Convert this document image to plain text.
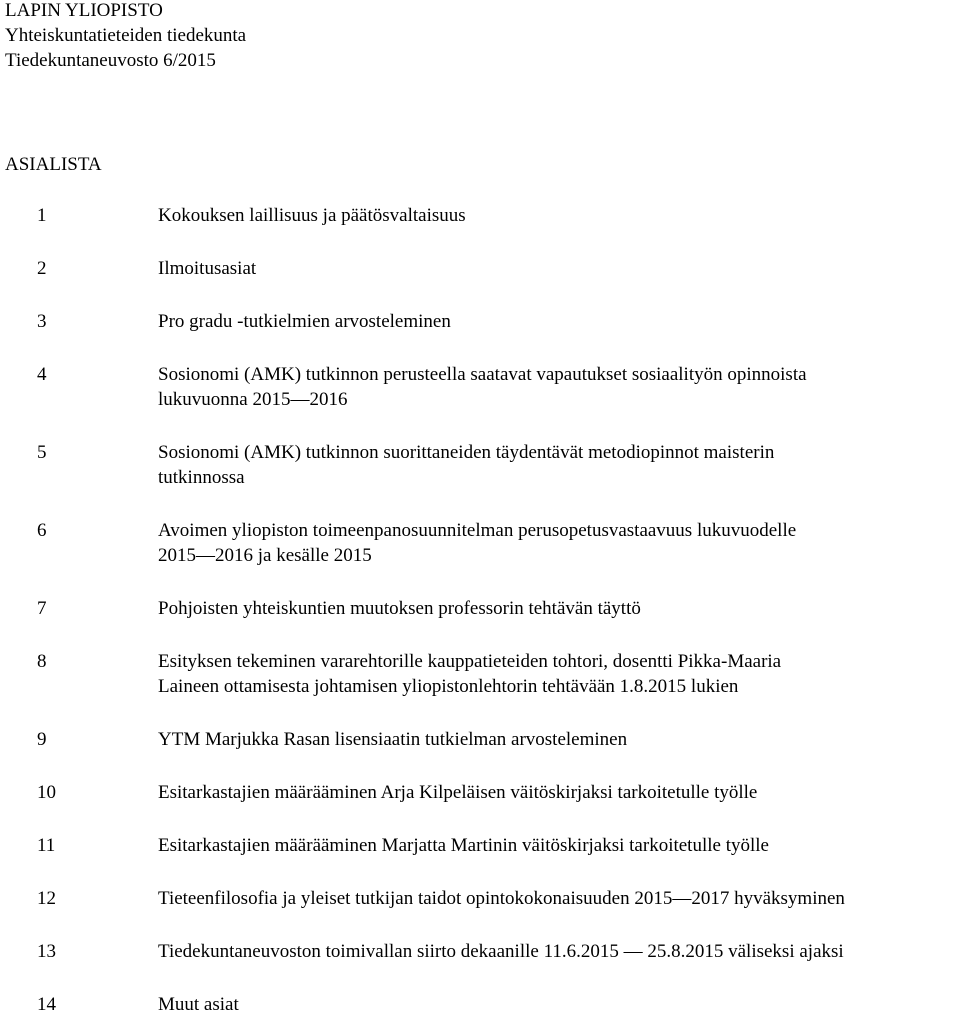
LAPIN YLIOPISTO
Yhteiskuntatieteiden tiedekunta
Tiedekuntaneuvosto 6/2015
ASIALISTA
1	Kokouksen laillisuus ja päätösvaltaisuus
2	Ilmoitusasiat
3	Pro gradu -tutkielmien arvosteleminen
4	Sosionomi (AMK) tutkinnon perusteella saatavat vapautukset sosiaalityön opinnoista
lukuvuonna 2015—2016
5	Sosionomi (AMK) tutkinnon suorittaneiden täydentävät metodiopinnot maisterin
tutkinnossa
6	Avoimen yliopiston toimeenpanosuunnitelman perusopetusvastaavuus lukuvuodelle
2015—2016 ja kesälle 2015
7	Pohjoisten yhteiskuntien muutoksen professorin tehtävän täyttö
8	Esityksen tekeminen vararehtorille kauppatieteiden tohtori, dosentti Pikka-Maaria
Laineen ottamisesta johtamisen yliopistonlehtorin tehtävään 1.8.2015 lukien
9	YTM Marjukka Rasan lisensiaatin tutkielman arvosteleminen
10	Esitarkastajien määrääminen Arja Kilpeläisen väitöskirjaksi tarkoitetulle työlle
11	Esitarkastajien määrääminen Marjatta Martinin väitöskirjaksi tarkoitetulle työlle
12	Tieteenfilosofia ja yleiset tutkijan taidot opintokokonaisuuden 2015—2017 hyväksyminen
13	Tiedekuntaneuvoston toimivallan siirto dekaanille 11.6.2015 — 25.8.2015 väliseksi ajaksi
14	Muut asiat
